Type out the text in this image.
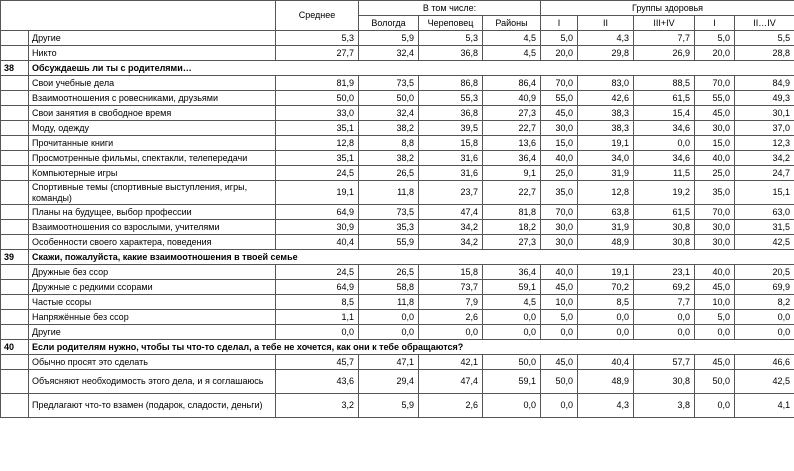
		Среднее	В том числе:			Группы здоровья				
			Вологда	Череповец	Районы	I	II	III+IV	I	II…IV
	Другие	5,3	5,9	5,3	4,5	5,0	4,3	7,7	5,0	5,5
	Никто	27,7	32,4	36,8	4,5	20,0	29,8	26,9	20,0	28,8
38	Обсуждаешь ли ты с родителями…									
	Свои учебные дела	81,9	73,5	86,8	86,4	70,0	83,0	88,5	70,0	84,9
	Взаимоотношения с ровесниками, друзьями	50,0	50,0	55,3	40,9	55,0	42,6	61,5	55,0	49,3
	Свои занятия в свободное время	33,0	32,4	36,8	27,3	45,0	38,3	15,4	45,0	30,1
	Моду, одежду	35,1	38,2	39,5	22,7	30,0	38,3	34,6	30,0	37,0
	Прочитанные книги	12,8	8,8	15,8	13,6	15,0	19,1	0,0	15,0	12,3
	Просмотренные фильмы, спектакли, телепередачи	35,1	38,2	31,6	36,4	40,0	34,0	34,6	40,0	34,2
	Компьютерные игры	24,5	26,5	31,6	9,1	25,0	31,9	11,5	25,0	24,7
	Спортивные темы (спортивные выступления, игры, команды)	19,1	11,8	23,7	22,7	35,0	12,8	19,2	35,0	15,1
	Планы на будущее, выбор профессии	64,9	73,5	47,4	81,8	70,0	63,8	61,5	70,0	63,0
	Взаимоотношения со взрослыми, учителями	30,9	35,3	34,2	18,2	30,0	31,9	30,8	30,0	31,5
	Особенности своего характера, поведения	40,4	55,9	34,2	27,3	30,0	48,9	30,8	30,0	42,5
39	Скажи, пожалуйста, какие взаимоотношения в твоей семье									
	Дружные без ссор	24,5	26,5	15,8	36,4	40,0	19,1	23,1	40,0	20,5
	Дружные с редкими ссорами	64,9	58,8	73,7	59,1	45,0	70,2	69,2	45,0	69,9
	Частые ссоры	8,5	11,8	7,9	4,5	10,0	8,5	7,7	10,0	8,2
	Напряжённые без ссор	1,1	0,0	2,6	0,0	5,0	0,0	0,0	5,0	0,0
	Другие	0,0	0,0	0,0	0,0	0,0	0,0	0,0	0,0	0,0
40	Если родителям нужно, чтобы ты что-то сделал, а тебе не хочется, как они к тебе обращаются?									
	Обычно просят это сделать	45,7	47,1	42,1	50,0	45,0	40,4	57,7	45,0	46,6
	Объясняют необходимость этого дела, и я соглашаюсь	43,6	29,4	47,4	59,1	50,0	48,9	30,8	50,0	42,5
	Предлагают что-то взамен (подарок, сладости, деньги)	3,2	5,9	2,6	0,0	0,0	4,3	3,8	0,0	4,1
